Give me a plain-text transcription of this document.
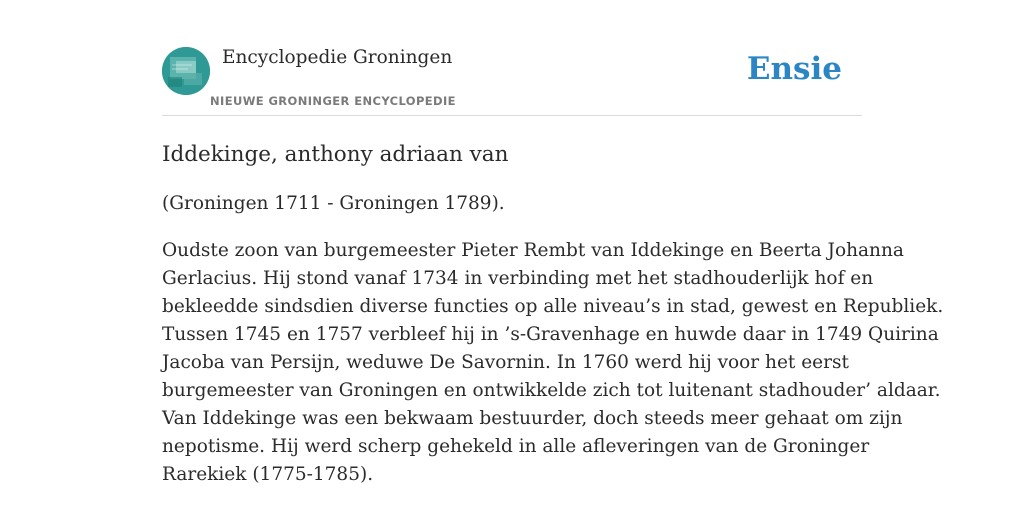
Encyclopedie Groningen
NIEUWE GRONINGER ENCYCLOPEDIE
Ensie
Iddekinge, anthony adriaan van

(Groningen 1711 - Groningen 1789).

Oudste zoon van burgemeester Pieter Rembt van Iddekinge en Beerta Johanna
Gerlacius. Hij stond vanaf 1734 in verbinding met het stadhouderlijk hof en
bekleedde sindsdien diverse functies op alle niveau’s in stad, gewest en Republiek.
Tussen 1745 en 1757 verbleef hij in ’s-Gravenhage en huwde daar in 1749 Quirina
Jacoba van Persijn, weduwe De Savornin. In 1760 werd hij voor het eerst
burgemeester van Groningen en ontwikkelde zich tot luitenant stadhouder’ aldaar.
Van Iddekinge was een bekwaam bestuurder, doch steeds meer gehaat om zijn
nepotisme. Hij werd scherp gehekeld in alle afleveringen van de Groninger
Rarekiek (1775-1785).
